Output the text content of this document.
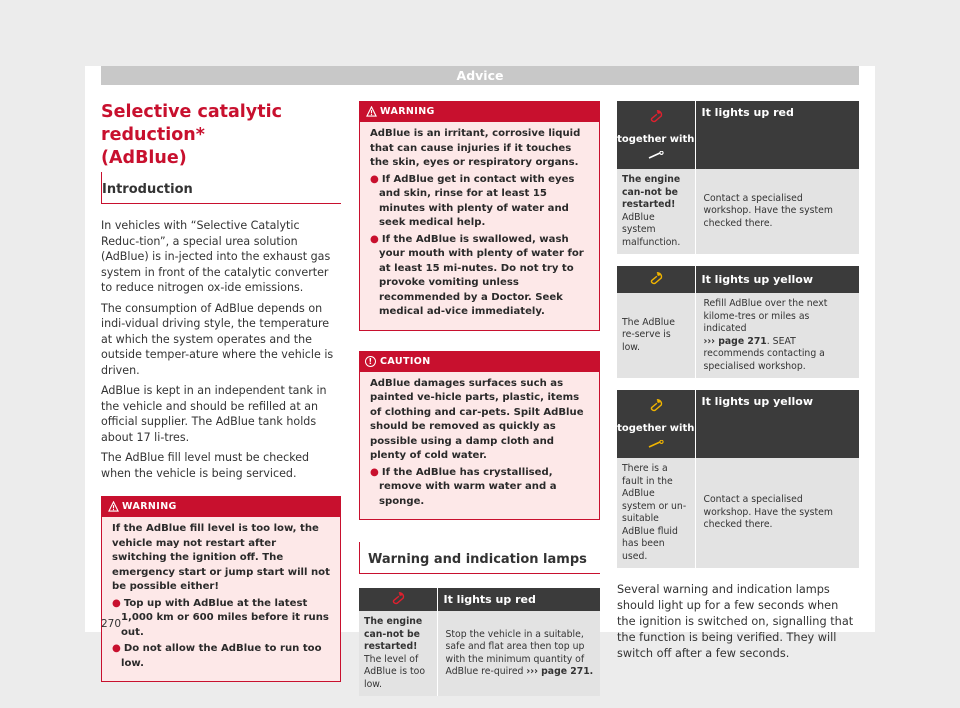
Advice
Selective catalytic reduction*
(AdBlue)
Introduction

In vehicles with “Selective Catalytic Reduc-tion”, a special urea solution (AdBlue) is in-jected into the exhaust gas system in front of the catalytic converter to reduce nitrogen ox-ide emissions.

The consumption of AdBlue depends on indi-vidual driving style, the temperature at which the system operates and the outside temper-ature where the vehicle is driven.

AdBlue is kept in an independent tank in the vehicle and should be refilled at an official supplier. The AdBlue tank holds about 17 li-tres.

The AdBlue fill level must be checked when the vehicle is being serviced.

WARNING

If the AdBlue fill level is too low, the vehicle may not restart after switching the ignition off. The emergency start or jump start will not be possible either!

● Top up with AdBlue at the latest 1,000 km or 600 miles before it runs out.

● Do not allow the AdBlue to run too low.

WARNING

AdBlue is an irritant, corrosive liquid that can cause injuries if it touches the skin, eyes or respiratory organs.

● If AdBlue get in contact with eyes and skin, rinse for at least 15 minutes with plenty of water and seek medical help.

● If the AdBlue is swallowed, wash your mouth with plenty of water for at least 15 mi-nutes. Do not try to provoke vomiting unless recommended by a Doctor. Seek medical ad-vice immediately.

! CAUTION

AdBlue damages surfaces such as painted ve-hicle parts, plastic, items of clothing and car-pets. Spilt AdBlue should be removed as quickly as possible using a damp cloth and plenty of cold water.

● If the AdBlue has crystallised, remove with warm water and a sponge.

Warning and indication lamps
	It lights up red
The engine can-not be restarted!
The level of AdBlue is too low.	Stop the vehicle in a suitable, safe and flat area then top up with the minimum quantity of AdBlue re-quired ››› page 271.
together with	It lights up red
The engine can-not be restarted!
AdBlue system malfunction.	Contact a specialised workshop. Have the system checked there.
	It lights up yellow
The AdBlue re-serve is low.	Refill AdBlue over the next kilome-tres or miles as indicated
››› page 271. SEAT recommends contacting a specialised workshop.
together with	It lights up yellow
There is a fault in the AdBlue system or un-suitable AdBlue fluid has been used.	Contact a specialised workshop. Have the system checked there.

Several warning and indication lamps should light up for a few seconds when the ignition is switched on, signalling that the function is being verified. They will switch off after a few seconds.

270
